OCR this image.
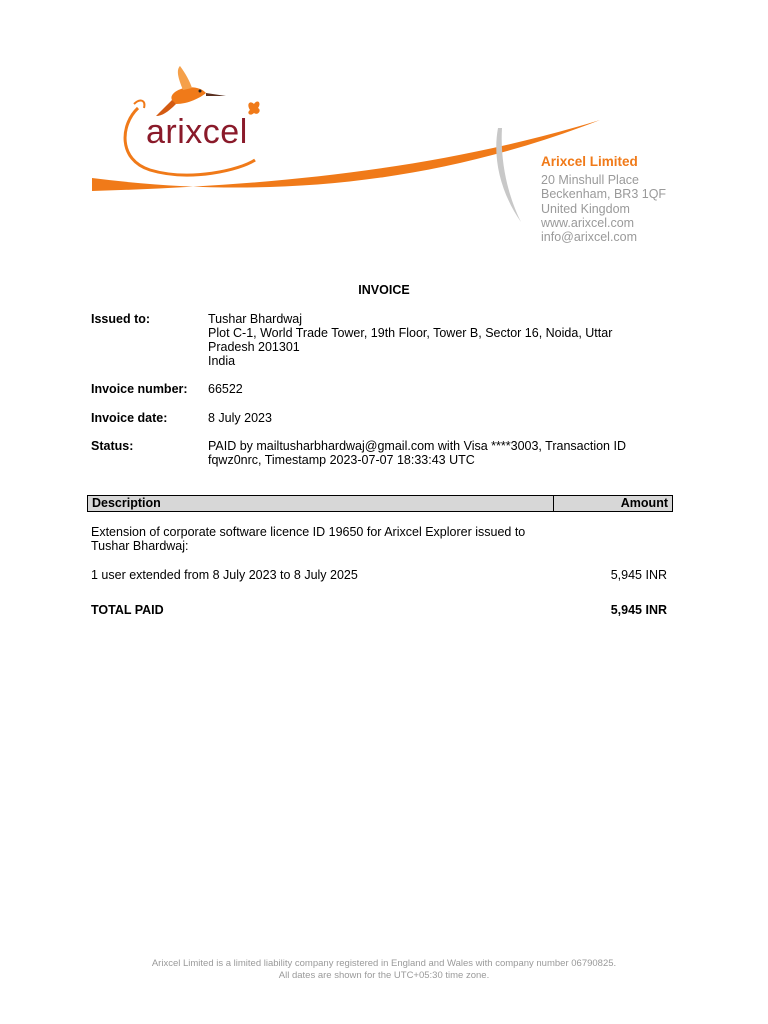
arixcel
Arixcel Limited
20 Minshull Place
Beckenham, BR3 1QF
United Kingdom
www.arixcel.com
info@arixcel.com
INVOICE
Issued to:	Tushar Bhardwaj
Plot C-1, World Trade Tower, 19th Floor, Tower B, Sector 16, Noida, Uttar Pradesh 201301
India
Invoice number:	66522
Invoice date:	8 July 2023
Status:	PAID by mailtusharbhardwaj@gmail.com with Visa ****3003, Transaction ID fqwz0nrc, Timestamp 2023-07-07 18:33:43 UTC
Description	Amount
Extension of corporate software licence ID 19650 for Arixcel Explorer issued to Tushar Bhardwaj:
1 user extended from 8 July 2023 to 8 July 2025	5,945 INR
TOTAL PAID	5,945 INR
Arixcel Limited is a limited liability company registered in England and Wales with company number 06790825.
All dates are shown for the UTC+05:30 time zone.
